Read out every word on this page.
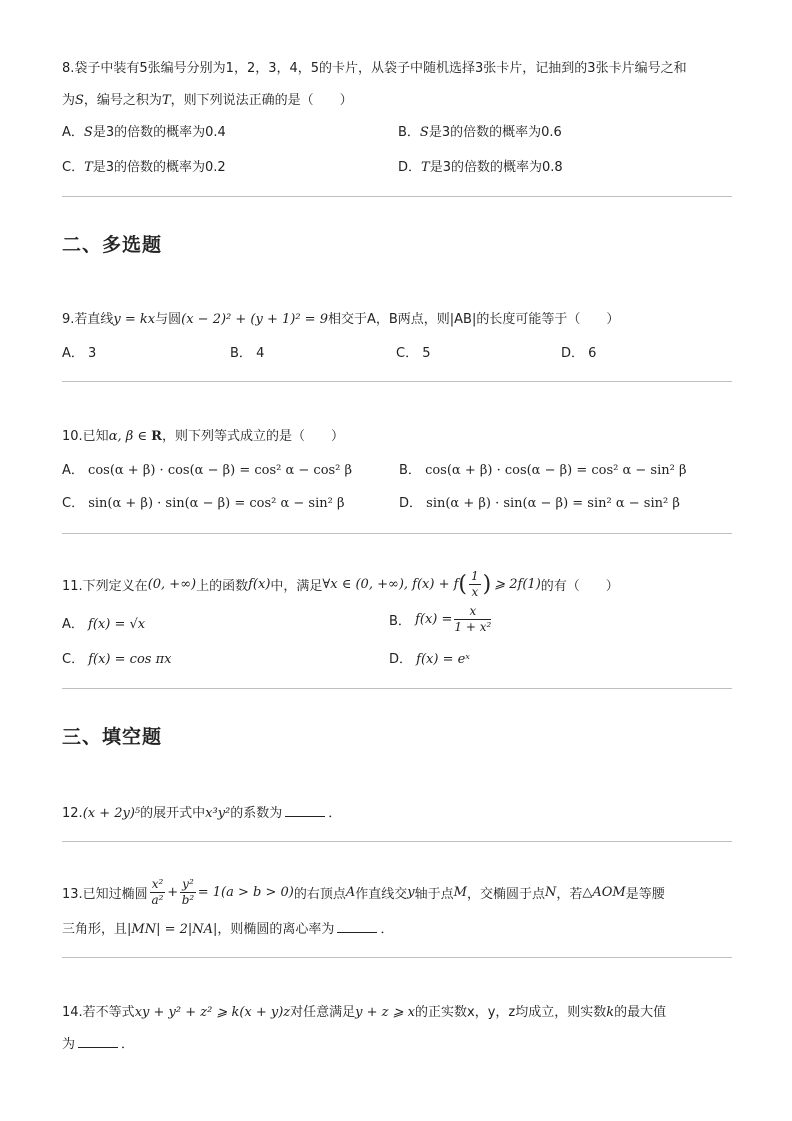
8.袋子中装有5张编号分别为1，2，3，4，5的卡片，从袋子中随机选择3张卡片，记抽到的3张卡片编号之和
为S，编号之积为T，则下列说法正确的是（　　）
A．S是3的倍数的概率为0.4	B．S是3的倍数的概率为0.6
C．T是3的倍数的概率为0.2	D．T是3的倍数的概率为0.8
二、多选题
9.若直线y = kx与圆(x − 2)² + (y + 1)² = 9相交于A，B两点，则|AB|的长度可能等于（　　）
A． 3	B． 4	C． 5	D． 6
10.已知α, β ∈ R，则下列等式成立的是（　　）
A． cos(α + β) · cos(α − β) = cos² α − cos² β	B． cos(α + β) · cos(α − β) = cos² α − sin² β
C． sin(α + β) · sin(α − β) = cos² α − sin² β	D． sin(α + β) · sin(α − β) = sin² α − sin² β
11.下列定义在 (0, +∞) 上的函数 f(x) 中，满足 ∀x ∈ (0, +∞), f(x) + f ( $\frac{1}{x}$ ) ⩾ 2f(1) 的有（　　）
A． f(x) = √x	B．
$f(x) = \frac{x}{\text{1 + x²}}$
C． f(x) = cos πx	D． f(x) = eˣ
三、填空题
12.(x + 2y)⁵的展开式中x³y²的系数为	．
13.已知过椭圆 $\frac{\text{x²}}{\text{a²}} + \frac{\text{y²}}{\text{b²}} = 1(a > b > 0)$ 的右顶点 A 作直线交 y 轴于点 M ，交椭圆于点 N ，若 △AOM 是等腰
三角形，且|MN| = 2|NA|，则椭圆的离心率为	．
14.若不等式xy + y² + z² ⩾ k(x + y)z对任意满足y + z ⩾ x的正实数x，y，z均成立，则实数k的最大值
为	．
